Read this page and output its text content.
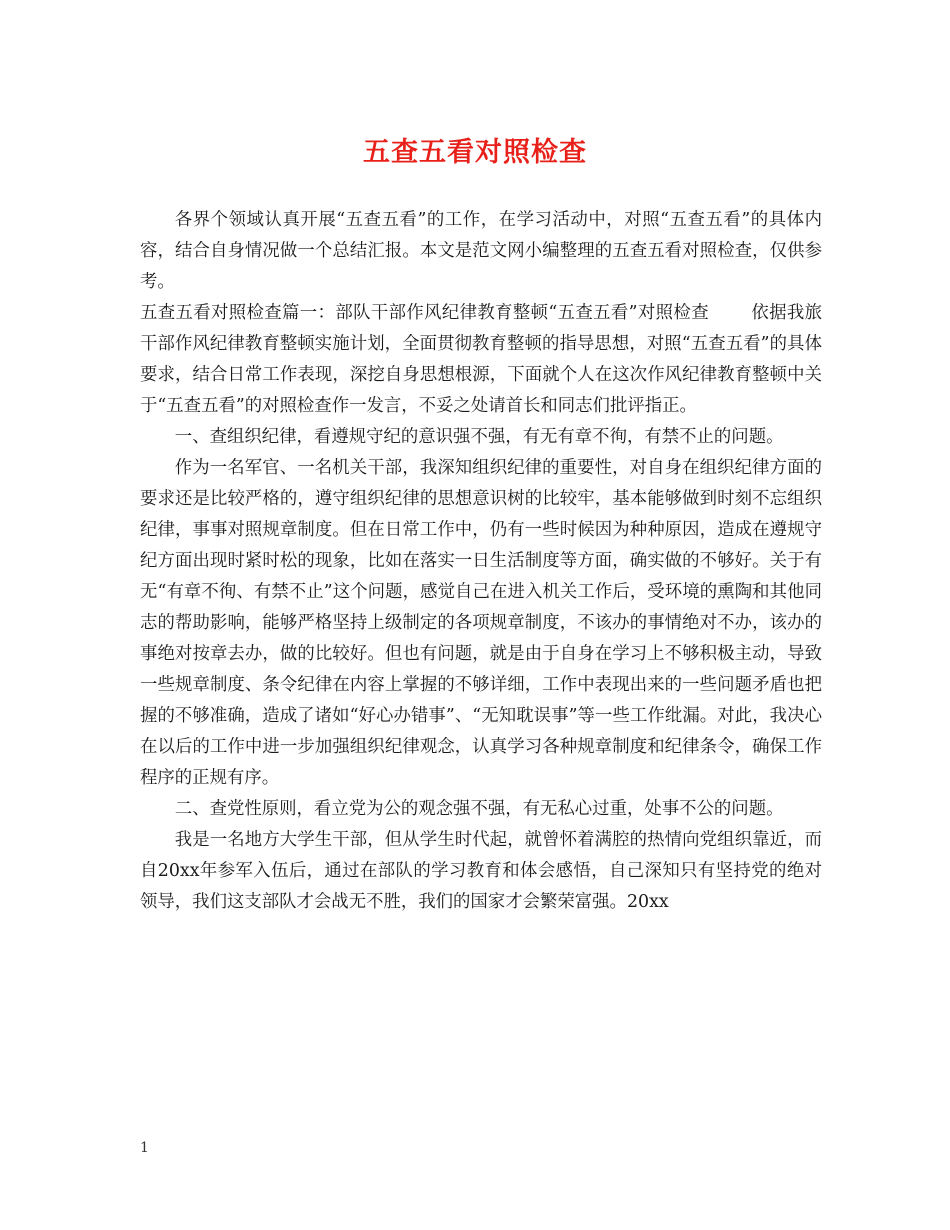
五查五看对照检查

各界个领域认真开展“五查五看”的工作，在学习活动中，对照“五查五看”的具体内容，结合自身情况做一个总结汇报。本文是范文网小编整理的五查五看对照检查，仅供参考。

五查五看对照检查篇一：部队干部作风纪律教育整顿“五查五看”对照检查 依据我旅干部作风纪律教育整顿实施计划，全面贯彻教育整顿的指导思想，对照“五查五看”的具体要求，结合日常工作表现，深挖自身思想根源，下面就个人在这次作风纪律教育整顿中关于“五查五看”的对照检查作一发言，不妥之处请首长和同志们批评指正。

一、查组织纪律，看遵规守纪的意识强不强，有无有章不徇，有禁不止的问题。

作为一名军官、一名机关干部，我深知组织纪律的重要性，对自身在组织纪律方面的要求还是比较严格的，遵守组织纪律的思想意识树的比较牢，基本能够做到时刻不忘组织纪律，事事对照规章制度。但在日常工作中，仍有一些时候因为种种原因，造成在遵规守纪方面出现时紧时松的现象，比如在落实一日生活制度等方面，确实做的不够好。关于有无“有章不徇、有禁不止”这个问题，感觉自己在进入机关工作后，受环境的熏陶和其他同志的帮助影响，能够严格坚持上级制定的各项规章制度，不该办的事情绝对不办，该办的事绝对按章去办，做的比较好。但也有问题，就是由于自身在学习上不够积极主动，导致一些规章制度、条令纪律在内容上掌握的不够详细，工作中表现出来的一些问题矛盾也把握的不够准确，造成了诸如“好心办错事”、“无知耽误事”等一些工作纰漏。对此，我决心在以后的工作中进一步加强组织纪律观念，认真学习各种规章制度和纪律条令，确保工作程序的正规有序。

二、查党性原则，看立党为公的观念强不强，有无私心过重，处事不公的问题。

我是一名地方大学生干部，但从学生时代起，就曾怀着满腔的热情向党组织靠近，而自20xx年参军入伍后，通过在部队的学习教育和体会感悟，自己深知只有坚持党的绝对领导，我们这支部队才会战无不胜，我们的国家才会繁荣富强。20xx

1
